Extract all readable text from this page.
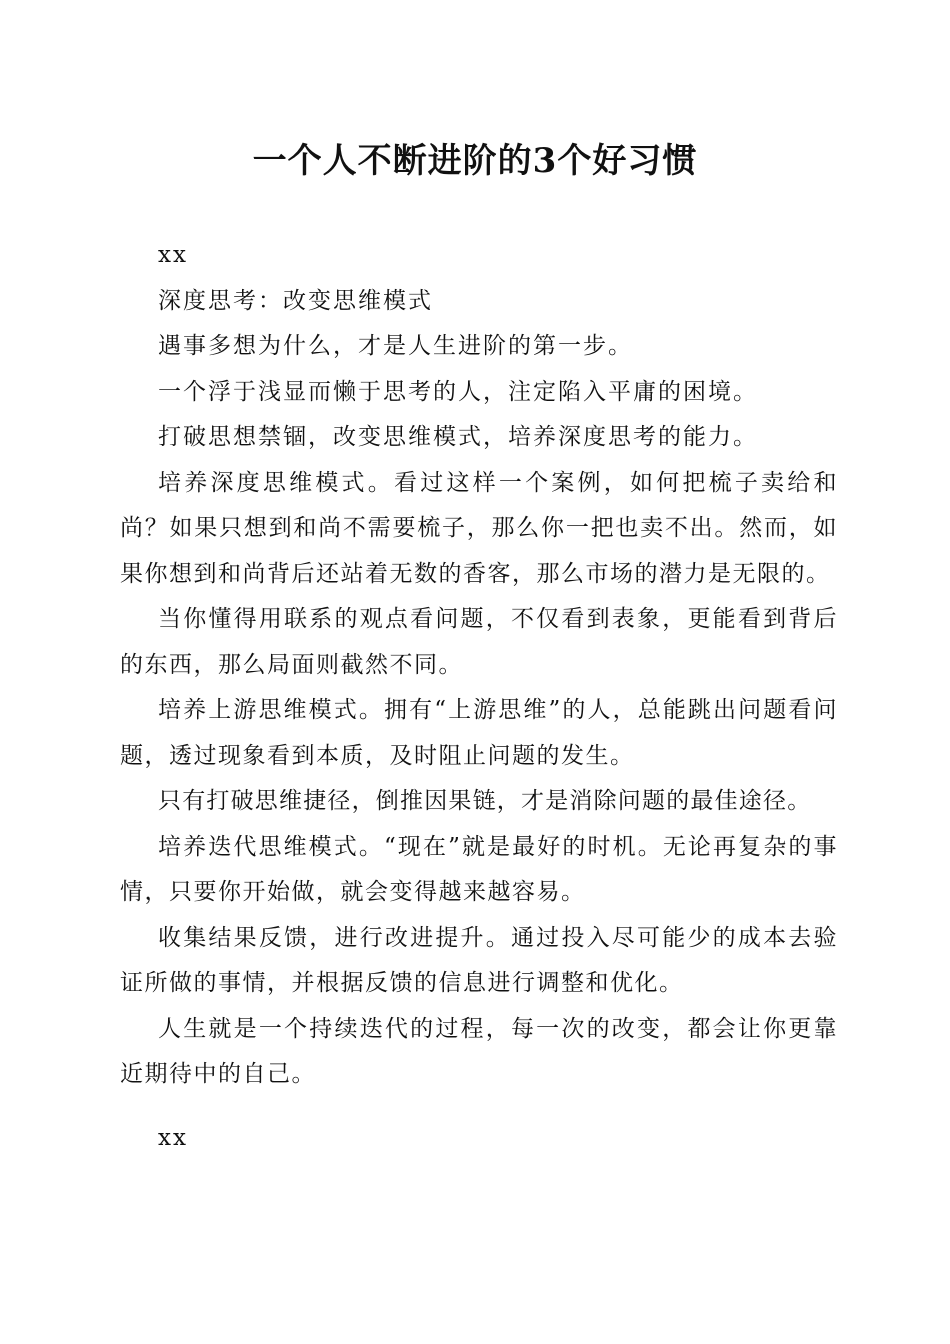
一个人不断进阶的3个好习惯

xx

深度思考：改变思维模式

遇事多想为什么，才是人生进阶的第一步。

一个浮于浅显而懒于思考的人，注定陷入平庸的困境。

打破思想禁锢，改变思维模式，培养深度思考的能力。

培养深度思维模式。看过这样一个案例，如何把梳子卖给和尚？如果只想到和尚不需要梳子，那么你一把也卖不出。然而，如果你想到和尚背后还站着无数的香客，那么市场的潜力是无限的。

当你懂得用联系的观点看问题，不仅看到表象，更能看到背后的东西，那么局面则截然不同。

培养上游思维模式。拥有“上游思维”的人，总能跳出问题看问题，透过现象看到本质，及时阻止问题的发生。

只有打破思维捷径，倒推因果链，才是消除问题的最佳途径。

培养迭代思维模式。“现在”就是最好的时机。无论再复杂的事情，只要你开始做，就会变得越来越容易。

收集结果反馈，进行改进提升。通过投入尽可能少的成本去验证所做的事情，并根据反馈的信息进行调整和优化。

人生就是一个持续迭代的过程，每一次的改变，都会让你更靠近期待中的自己。

xx
